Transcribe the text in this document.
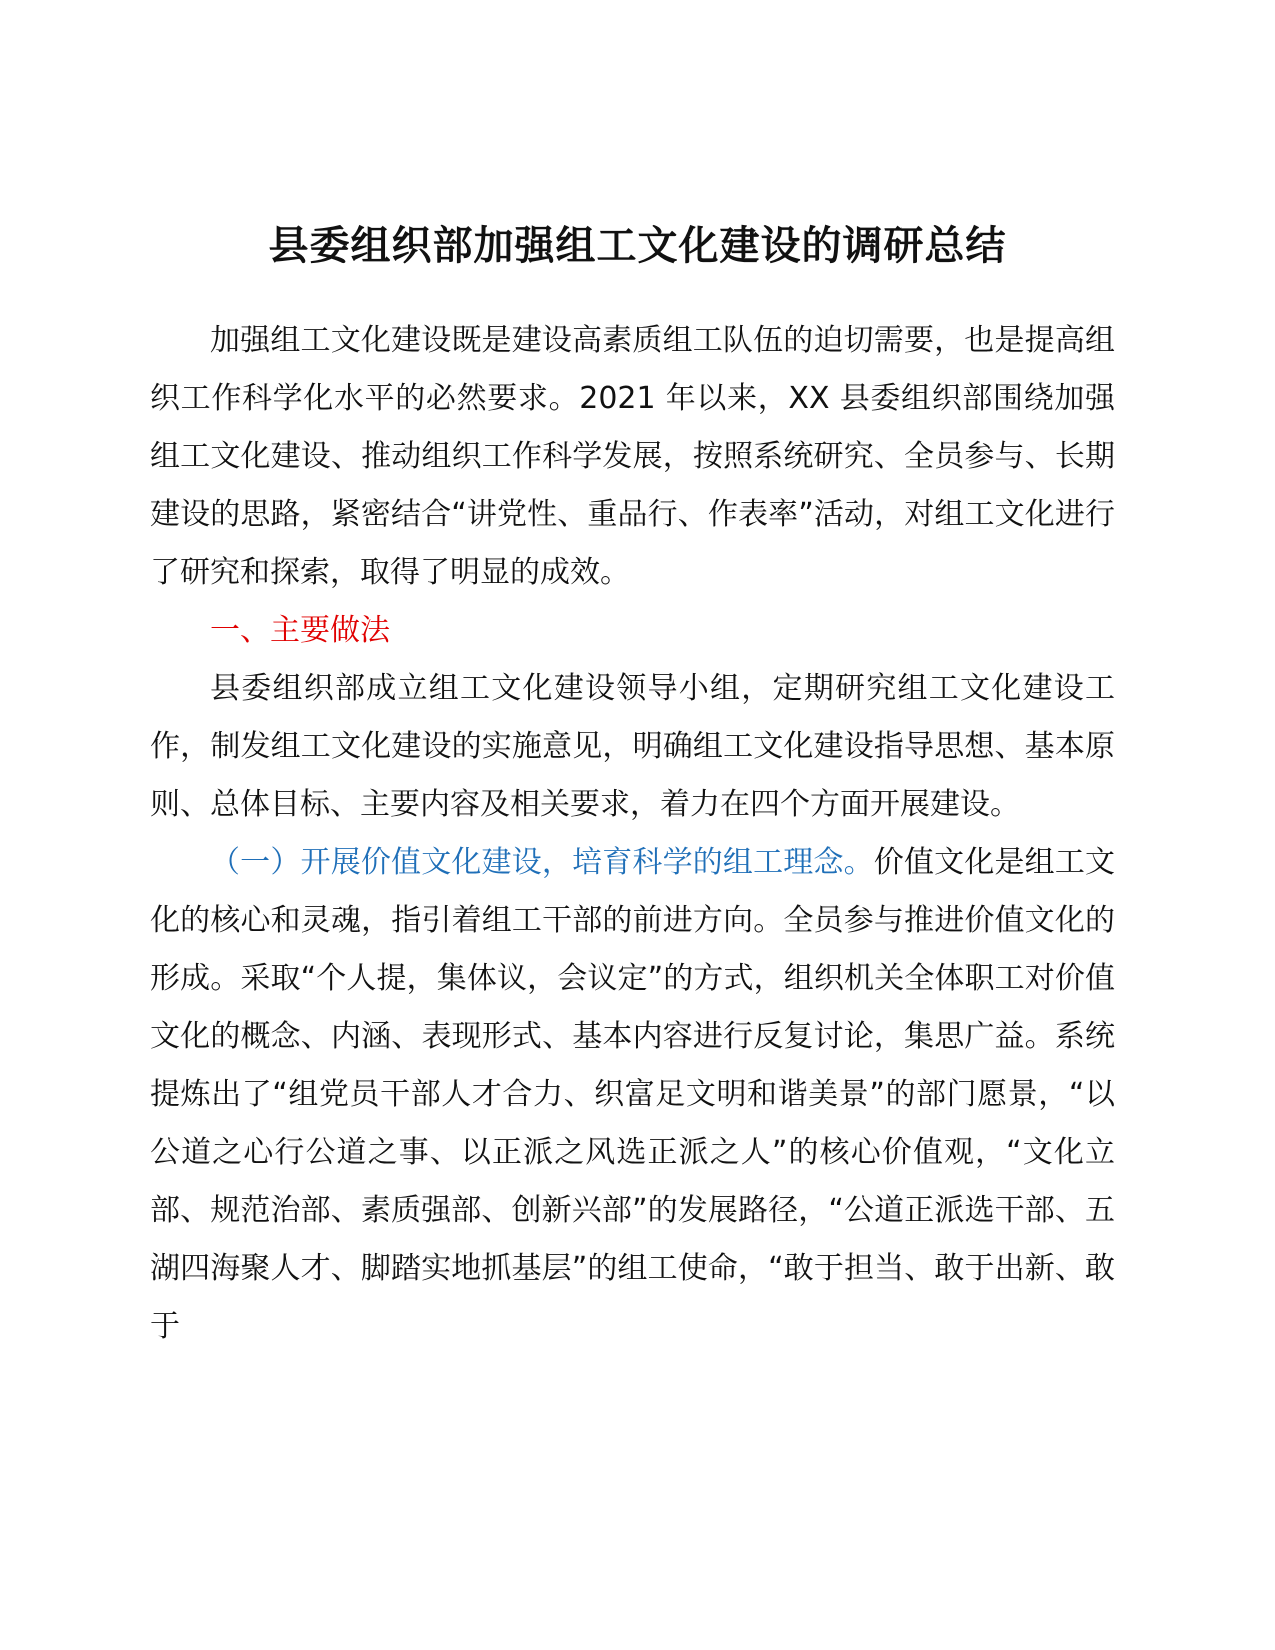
县委组织部加强组工文化建设的调研总结

加强组工文化建设既是建设高素质组工队伍的迫切需要，也是提高组织工作科学化水平的必然要求。2021 年以来，XX 县委组织部围绕加强组工文化建设、推动组织工作科学发展，按照系统研究、全员参与、长期建设的思路，紧密结合“讲党性、重品行、作表率”活动，对组工文化进行了研究和探索，取得了明显的成效。

一、主要做法

县委组织部成立组工文化建设领导小组，定期研究组工文化建设工作，制发组工文化建设的实施意见，明确组工文化建设指导思想、基本原则、总体目标、主要内容及相关要求，着力在四个方面开展建设。

（一）开展价值文化建设，培育科学的组工理念。价值文化是组工文化的核心和灵魂，指引着组工干部的前进方向。全员参与推进价值文化的形成。采取“个人提，集体议，会议定”的方式，组织机关全体职工对价值文化的概念、内涵、表现形式、基本内容进行反复讨论，集思广益。系统提炼出了“组党员干部人才合力、织富足文明和谐美景”的部门愿景，“以公道之心行公道之事、以正派之风选正派之人”的核心价值观，“文化立部、规范治部、素质强部、创新兴部”的发展路径，“公道正派选干部、五湖四海聚人才、脚踏实地抓基层”的组工使命，“敢于担当、敢于出新、敢于
